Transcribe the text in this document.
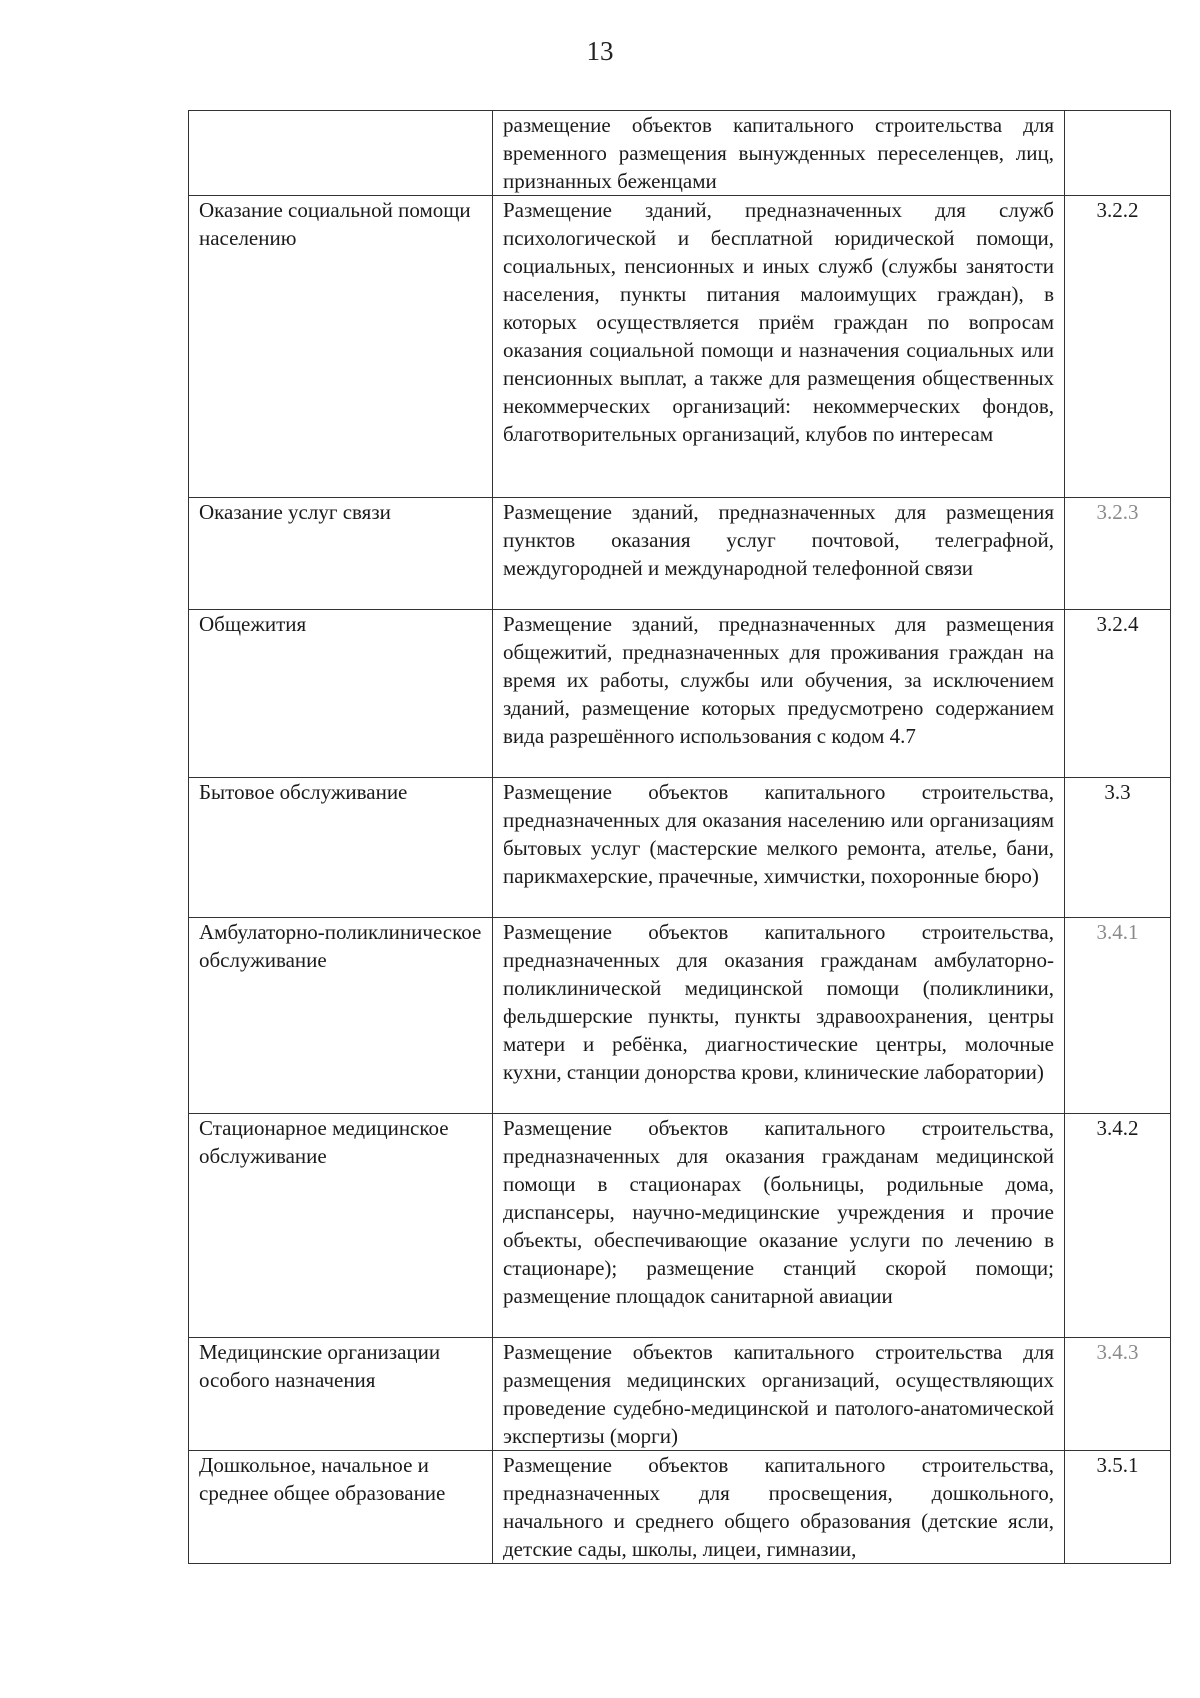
13
	размещение объектов капитального строительства для временного размещения вынужденных переселенцев, лиц, признанных беженцами	
Оказание социальной помощи населению	Размещение зданий, предназначенных для служб психологической и бесплатной юридической помощи, социальных, пенсионных и иных служб (службы занятости населения, пункты питания малоимущих граждан), в которых осуществляется приём граждан по вопросам оказания социальной помощи и назначения социальных или пенсионных выплат, а также для размещения общественных некоммерческих организаций: некоммерческих фондов, благотворительных организаций, клубов по интересам	3.2.2
Оказание услуг связи	Размещение зданий, предназначенных для размещения пунктов оказания услуг почтовой, телеграфной, междугородней и международной телефонной связи	3.2.3
Общежития	Размещение зданий, предназначенных для размещения общежитий, предназначенных для проживания граждан на время их работы, службы или обучения, за исключением зданий, размещение которых предусмотрено содержанием вида разрешённого использования с кодом 4.7	3.2.4
Бытовое обслуживание	Размещение объектов капитального строительства, предназначенных для оказания населению или организациям бытовых услуг (мастерские мелкого ремонта, ателье, бани, парикмахерские, прачечные, химчистки, похоронные бюро)	3.3
Амбулаторно-поликлиническое обслуживание	Размещение объектов капитального строительства, предназначенных для оказания гражданам амбулаторно-поликлинической медицинской помощи (поликлиники, фельдшерские пункты, пункты здравоохранения, центры матери и ребёнка, диагностические центры, молочные кухни, станции донорства крови, клинические лаборатории)	3.4.1
Стационарное медицинское обслуживание	Размещение объектов капитального строительства, предназначенных для оказания гражданам медицинской помощи в стационарах (больницы, родильные дома, диспансеры, научно-медицинские учреждения и прочие объекты, обеспечивающие оказание услуги по лечению в стационаре); размещение станций скорой помощи; размещение площадок санитарной авиации	3.4.2
Медицинские организации особого назначения	Размещение объектов капитального строительства для размещения медицинских организаций, осуществляющих проведение судебно-медицинской и патолого-анатомической экспертизы (морги)	3.4.3
Дошкольное, начальное и среднее общее образование	Размещение объектов капитального строительства, предназначенных для просвещения, дошкольного, начального и среднего общего образования (детские ясли, детские сады, школы, лицеи, гимназии,	3.5.1
